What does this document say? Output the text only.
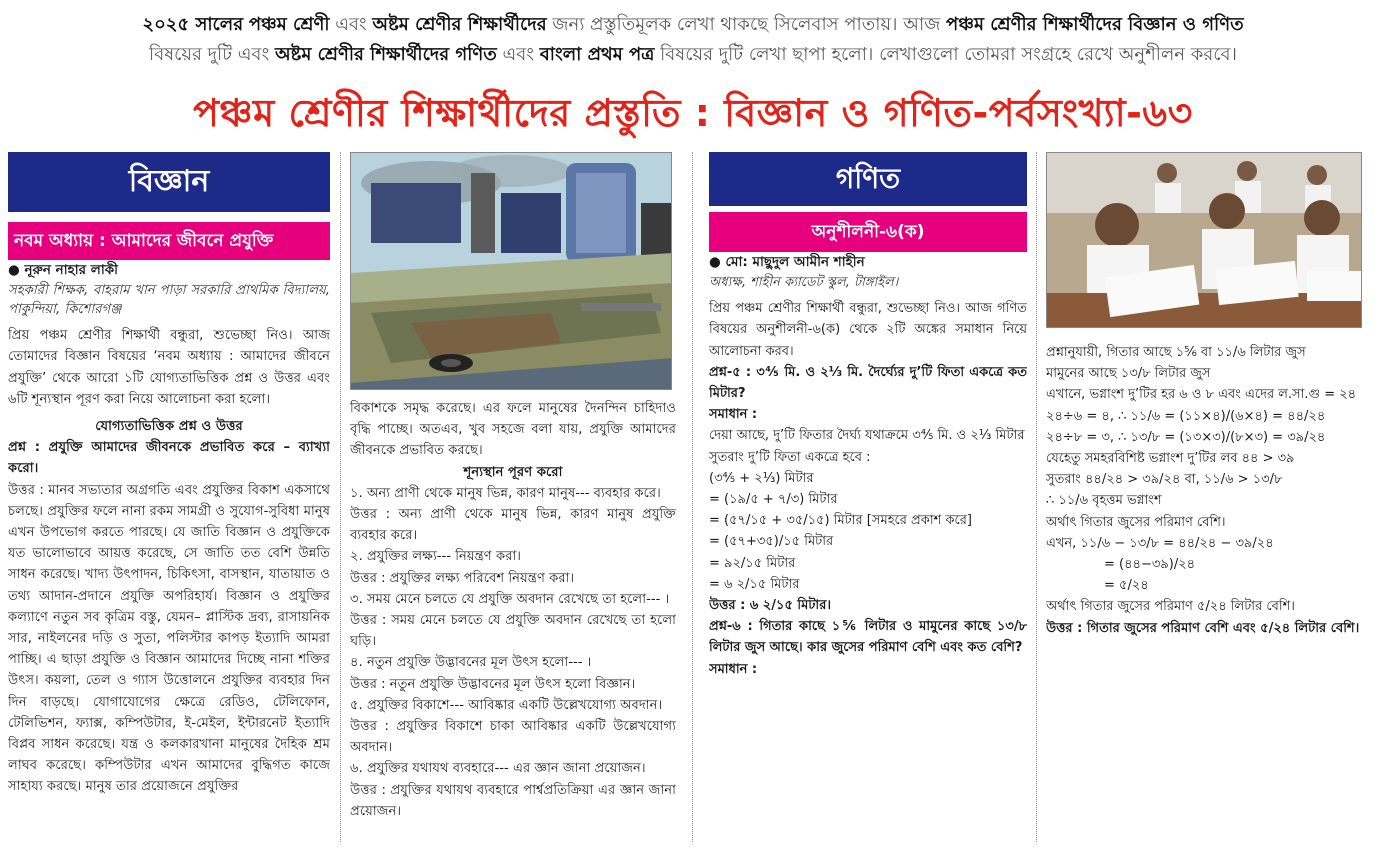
২০২৫ সালের পঞ্চম শ্রেণী এবং অষ্টম শ্রেণীর শিক্ষার্থীদের জন্য প্রস্তুতিমূলক লেখা থাকছে সিলেবাস পাতায়। আজ পঞ্চম শ্রেণীর শিক্ষার্থীদের বিজ্ঞান ও গণিত
বিষয়ের দুটি এবং অষ্টম শ্রেণীর শিক্ষার্থীদের গণিত এবং বাংলা প্রথম পত্র বিষয়ের দুটি লেখা ছাপা হলো। লেখাগুলো তোমরা সংগ্রহে রেখে অনুশীলন করবে।
পঞ্চম শ্রেণীর শিক্ষার্থীদের প্রস্তুতি : বিজ্ঞান ও গণিত-পর্বসংখ্যা-৬৩
বিজ্ঞান
নবম অধ্যায় : আমাদের জীবনে প্রযুক্তি

● নূরুন নাহার লাকী

সহকারী শিক্ষক, বাহরাম খান পাড়া সরকারি প্রাথমিক বিদ্যালয়, পাকুন্দিয়া, কিশোরগঞ্জ

প্রিয় পঞ্চম শ্রেণীর শিক্ষার্থী বন্ধুরা, শুভেচ্ছা নিও। আজ তোমাদের বিজ্ঞান বিষয়ের ‘নবম অধ্যায় : আমাদের জীবনে প্রযুক্তি’ থেকে আরো ১টি যোগ্যতাভিত্তিক প্রশ্ন ও উত্তর এবং ৬টি শূন্যস্থান পূরণ করা নিয়ে আলোচনা করা হলো।

যোগ্যতাভিত্তিক প্রশ্ন ও উত্তর

প্রশ্ন : প্রযুক্তি আমাদের জীবনকে প্রভাবিত করে – ব্যাখ্যা করো।

উত্তর : মানব সভ্যতার অগ্রগতি এবং প্রযুক্তির বিকাশ একসাথে চলছে। প্রযুক্তির ফলে নানা রকম সামগ্রী ও সুযোগ-সুবিধা মানুষ এখন উপভোগ করতে পারছে। যে জাতি বিজ্ঞান ও প্রযুক্তিকে যত ভালোভাবে আয়ত্ত করেছে, সে জাতি তত বেশি উন্নতি সাধন করেছে। খাদ্য উৎপাদন, চিকিৎসা, বাসস্থান, যাতায়াত ও তথ্য আদান-প্রদানে প্রযুক্তি অপরিহার্য। বিজ্ঞান ও প্রযুক্তির কল্যাণে নতুন সব কৃত্রিম বস্তু, যেমন– প্লাস্টিক দ্রব্য, রাসায়নিক সার, নাইলনের দড়ি ও সুতা, পলিস্টার কাপড় ইত্যাদি আমরা পাচ্ছি। এ ছাড়া প্রযুক্তি ও বিজ্ঞান আমাদের দিচ্ছে নানা শক্তির উৎস। কয়লা, তেল ও গ্যাস উত্তোলনে প্রযুক্তির ব্যবহার দিন দিন বাড়ছে। যোগাযোগের ক্ষেত্রে রেডিও, টেলিফোন, টেলিভিশন, ফ্যাক্স, কম্পিউটার, ই-মেইল, ইন্টারনেট ইত্যাদি বিপ্লব সাধন করেছে। যন্ত্র ও কলকারখানা মানুষের দৈহিক শ্রম লাঘব করেছে। কম্পিউটার এখন আমাদের বুদ্ধিগত কাজে সাহায্য করছে। মানুষ তার প্রয়োজনে প্রযুক্তির

বিকাশকে সমৃদ্ধ করেছে। এর ফলে মানুষের দৈনন্দিন চাহিদাও বৃদ্ধি পাচ্ছে। অতএব, খুব সহজে বলা যায়, প্রযুক্তি আমাদের জীবনকে প্রভাবিত করছে।

শূন্যস্থান পূরণ করো

১. অন্য প্রাণী থেকে মানুষ ভিন্ন, কারণ মানুষ--- ব্যবহার করে।

উত্তর : অন্য প্রাণী থেকে মানুষ ভিন্ন, কারণ মানুষ প্রযুক্তি ব্যবহার করে।

২. প্রযুক্তির লক্ষ্য--- নিয়ন্ত্রণ করা।

উত্তর : প্রযুক্তির লক্ষ্য পরিবেশ নিয়ন্ত্রণ করা।

৩. সময় মেনে চলতে যে প্রযুক্তি অবদান রেখেছে তা হলো--- ।

উত্তর : সময় মেনে চলতে যে প্রযুক্তি অবদান রেখেছে তা হলো ঘড়ি।

৪. নতুন প্রযুক্তি উদ্ভাবনের মূল উৎস হলো--- ।

উত্তর : নতুন প্রযুক্তি উদ্ভাবনের মূল উৎস হলো বিজ্ঞান।

৫. প্রযুক্তির বিকাশে--- আবিষ্কার একটি উল্লেখযোগ্য অবদান।

উত্তর : প্রযুক্তির বিকাশে চাকা আবিষ্কার একটি উল্লেখযোগ্য অবদান।

৬. প্রযুক্তির যথাযথ ব্যবহারে--- এর জ্ঞান জানা প্রয়োজন।

উত্তর : প্রযুক্তির যথাযথ ব্যবহারে পার্শ্বপ্রতিক্রিয়া এর জ্ঞান জানা প্রয়োজন।

গণিত
অনুশীলনী-৬(ক)

● মো: মাছুদুল আমীন শাহীন

অধ্যক্ষ, শাহীন ক্যাডেট স্কুল, টাঙ্গাইল।

প্রিয় পঞ্চম শ্রেণীর শিক্ষার্থী বন্ধুরা, শুভেচ্ছা নিও। আজ গণিত বিষয়ের অনুশীলনী-৬(ক) থেকে ২টি অঙ্কের সমাধান নিয়ে আলোচনা করব।

প্রশ্ন-৫ : ৩⅘ মি. ও ২⅓ মি. দৈর্ঘ্যের দু’টি ফিতা একত্রে কত মিটার?

সমাধান :

দেয়া আছে, দু’টি ফিতার দৈর্ঘ্য যথাক্রমে ৩⅘ মি. ও ২⅓ মিটার

সুতরাং দু’টি ফিতা একত্রে হবে :

(৩⅘ + ২⅓) মিটার

= (১৯/৫ + ৭/৩) মিটার

= (৫৭/১৫ + ৩৫/১৫) মিটার [সমহরে প্রকাশ করে]

= (৫৭+৩৫)/১৫ মিটার

= ৯২/১৫ মিটার

= ৬ ২/১৫ মিটার

উত্তর : ৬ ২/১৫ মিটার।

প্রশ্ন-৬ : গিতার কাছে ১⅚ লিটার ও মামুনের কাছে ১৩/৮ লিটার জুস আছে। কার জুসের পরিমাণ বেশি এবং কত বেশি?

সমাধান :

প্রশ্নানুযায়ী, গিতার আছে ১⅚ বা ১১/৬ লিটার জুস

মামুনের আছে ১৩/৮ লিটার জুস

এখানে, ভগ্নাংশ দু’টির হর ৬ ও ৮ এবং এদের ল.সা.গু = ২৪

২৪÷৬ = ৪, ∴ ১১/৬ = (১১×৪)/(৬×৪) = ৪৪/২৪

২৪÷৮ = ৩, ∴ ১৩/৮ = (১৩×৩)/(৮×৩) = ৩৯/২৪

যেহেতু সমহরবিশিষ্ট ভগ্নাংশ দু’টির লব ৪৪ > ৩৯

সুতরাং ৪৪/২৪ > ৩৯/২৪ বা, ১১/৬ > ১৩/৮

∴ ১১/৬ বৃহত্তম ভগ্নাংশ

অর্থাৎ গিতার জুসের পরিমাণ বেশি।

এখন, ১১/৬ − ১৩/৮ = ৪৪/২৪ − ৩৯/২৪

= (৪৪−৩৯)/২৪

= ৫/২৪

অর্থাৎ গিতার জুসের পরিমাণ ৫/২৪ লিটার বেশি।

উত্তর : গিতার জুসের পরিমাণ বেশি এবং ৫/২৪ লিটার বেশি।
